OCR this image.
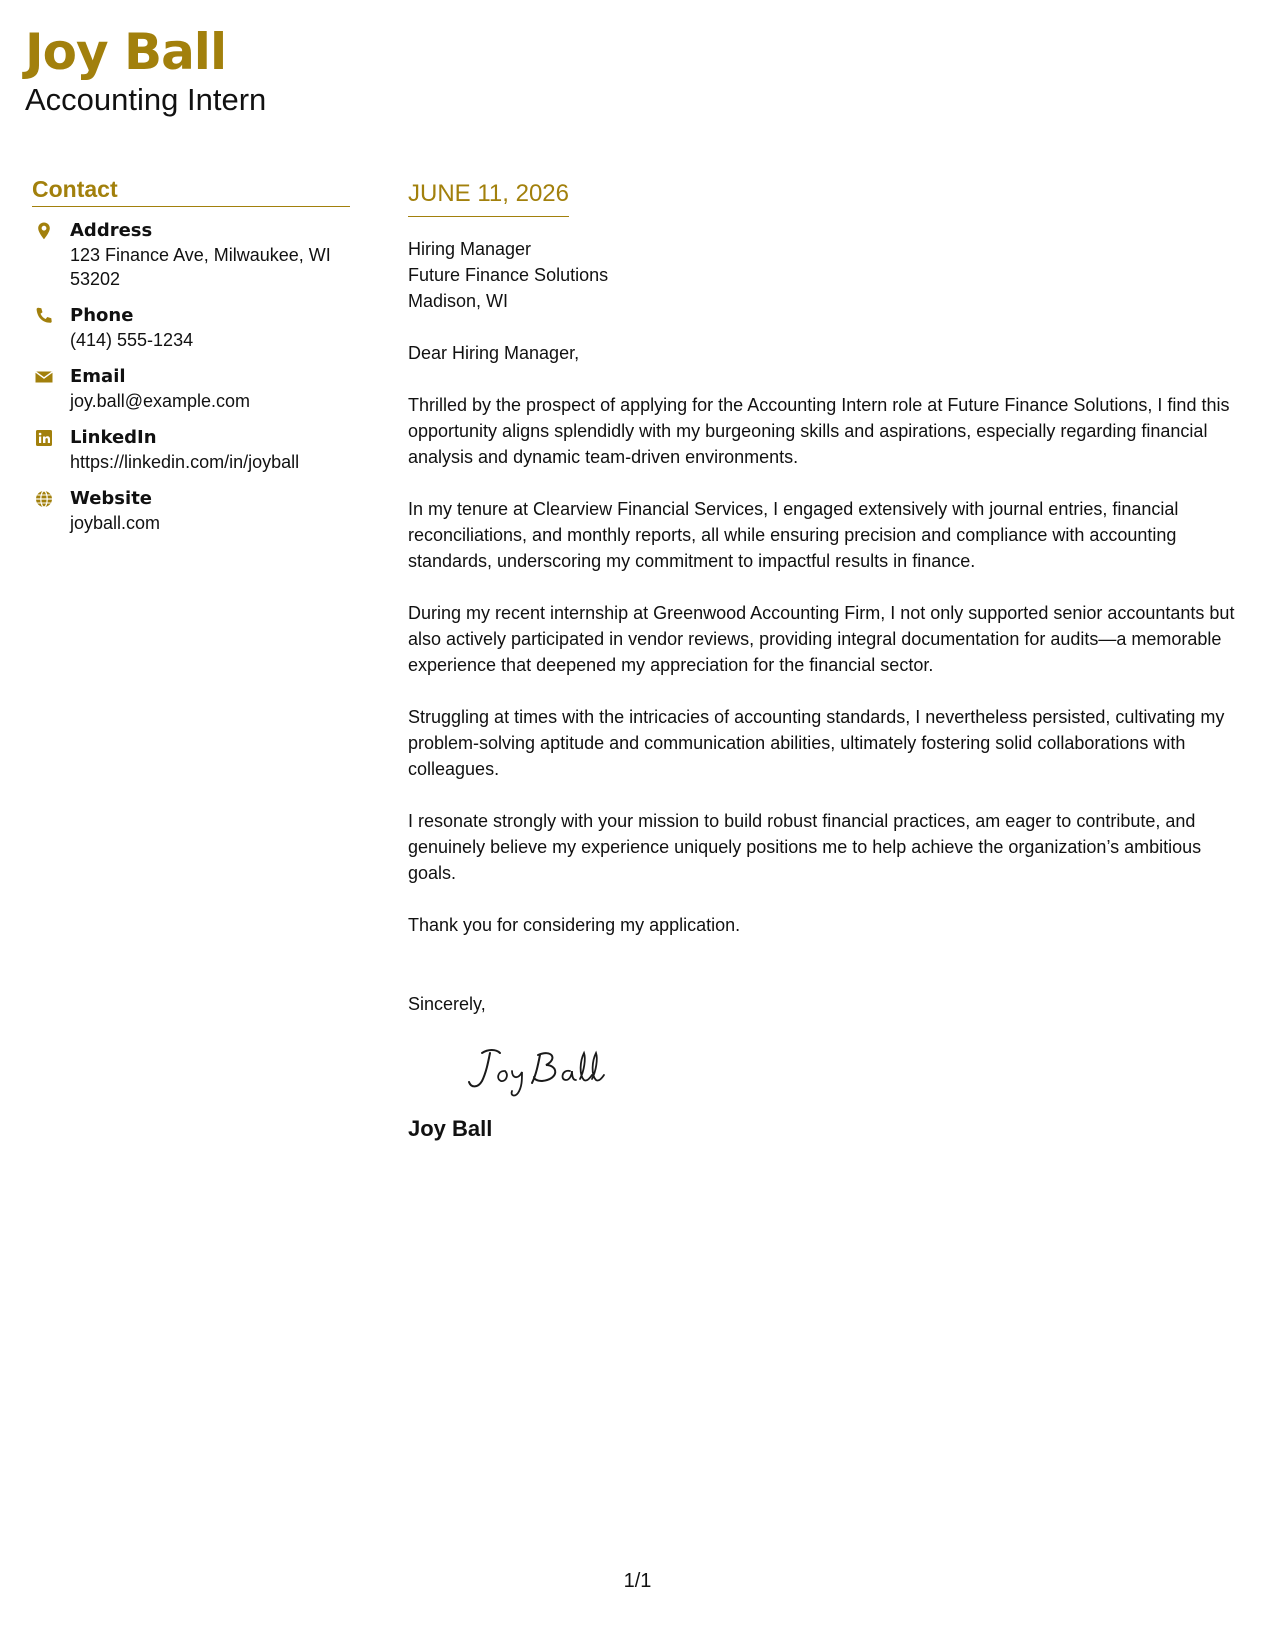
Joy Ball
Accounting Intern
Contact
Address
123 Finance Ave, Milwaukee, WI 53202
Phone
(414) 555-1234
Email
joy.ball@example.com
LinkedIn
https://linkedin.com/in/joyball
Website
joyball.com
JUNE 11, 2026
Hiring Manager
Future Finance Solutions
Madison, WI
Dear Hiring Manager,

Thrilled by the prospect of applying for the Accounting Intern role at Future Finance Solutions, I find this opportunity aligns splendidly with my burgeoning skills and aspirations, especially regarding financial analysis and dynamic team-driven environments.

In my tenure at Clearview Financial Services, I engaged extensively with journal entries, financial reconciliations, and monthly reports, all while ensuring precision and compliance with accounting standards, underscoring my commitment to impactful results in finance.

During my recent internship at Greenwood Accounting Firm, I not only supported senior accountants but also actively participated in vendor reviews, providing integral documentation for audits—a memorable experience that deepened my appreciation for the financial sector.

Struggling at times with the intricacies of accounting standards, I nevertheless persisted, cultivating my problem-solving aptitude and communication abilities, ultimately fostering solid collaborations with colleagues.

I resonate strongly with your mission to build robust financial practices, am eager to contribute, and genuinely believe my experience uniquely positions me to help achieve the organization’s ambitious goals.

Thank you for considering my application.

Sincerely,
Joy Ball
1/1
